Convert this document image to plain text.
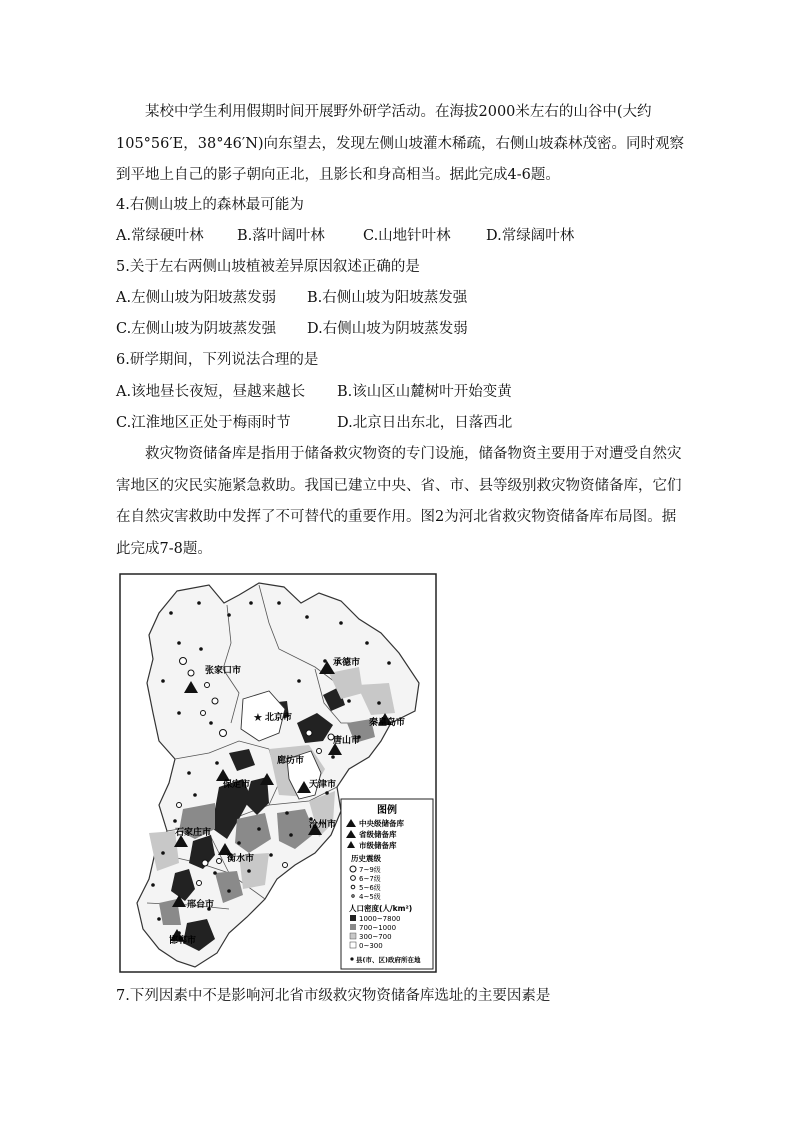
某校中学生利用假期时间开展野外研学活动。在海拔2000米左右的山谷中(大约105°56′E，38°46′N)向东望去，发现左侧山坡灌木稀疏，右侧山坡森林茂密。同时观察到平地上自己的影子朝向正北，且影长和身高相当。据此完成4-6题。

4.右侧山坡上的森林最可能为

A.常绿硬叶林 B.落叶阔叶林	C.山地针叶林 D.常绿阔叶林

5.关于左右两侧山坡植被差异原因叙述正确的是

A.左侧山坡为阳坡蒸发弱 B.右侧山坡为阳坡蒸发强
C.左侧山坡为阴坡蒸发强 D.右侧山坡为阴坡蒸发弱

6.研学期间，下列说法合理的是

A.该地昼长夜短，昼越来越长 B.该山区山麓树叶开始变黄
C.江淮地区正处于梅雨时节	D.北京日出东北，日落西北

救灾物资储备库是指用于储备救灾物资的专门设施，储备物资主要用于对遭受自然灾害地区的灾民实施紧急救助。我国已建立中央、省、市、县等级别救灾物资储备库，它们在自然灾害救助中发挥了不可替代的重要作用。图2为河北省救灾物资储备库布局图。据此完成7-8题。

★
张家口市
承德市
北京市	秦皇岛市
唐山市
廊坊市
天津市
保定市
沧州市
石家庄市
衡水市
邢台市
邯郸市
图例
中央级储备库
省级储备库
市级储备库
历史震级
7~9级
6~7级
5~6级
4~5级
人口密度(人/km²)
1000~7800
700~1000
300~700
0~300
县(市、区)政府所在地

7.下列因素中不是影响河北省市级救灾物资储备库选址的主要因素是
